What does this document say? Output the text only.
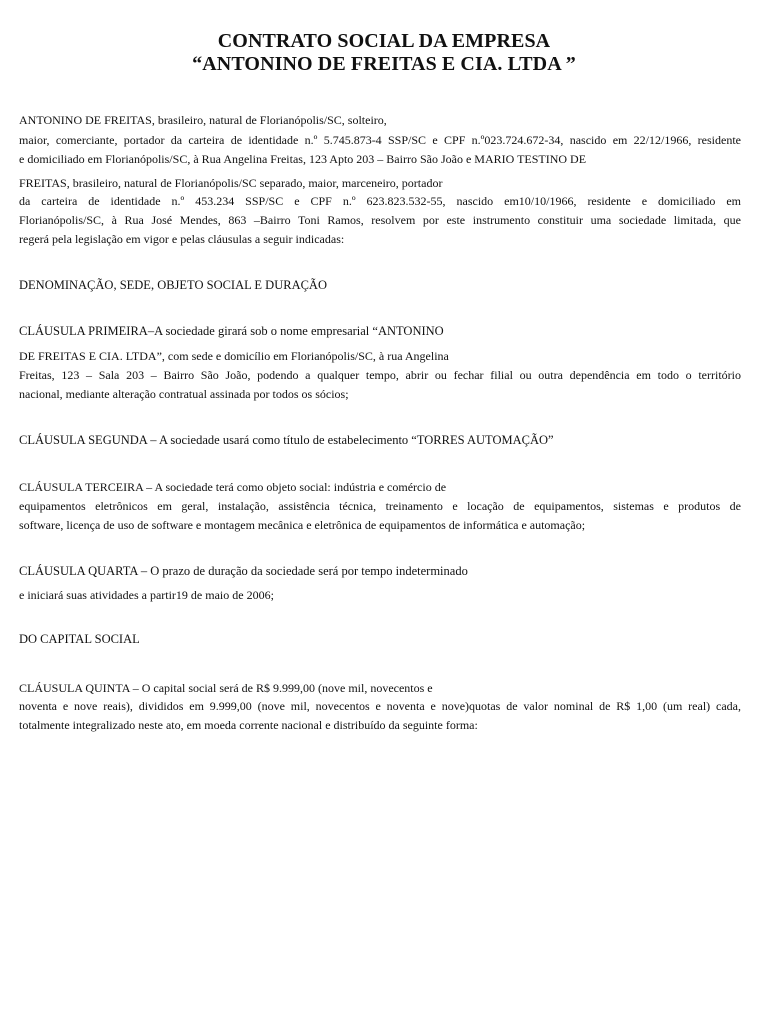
CONTRATO SOCIAL DA EMPRESA
“ANTONINO DE FREITAS E CIA. LTDA ”
ANTONINO DE FREITAS, brasileiro, natural de Florianópolis/SC, solteiro,
maior, comerciante, portador da carteira de identidade n.º 5.745.873-4 SSP/SC e CPF n.º023.724.672-34, nascido em 22/12/1966, residente
e domiciliado em Florianópolis/SC, à Rua Angelina Freitas, 123 Apto 203 – Bairro São João e MARIO TESTINO DE
FREITAS, brasileiro, natural de Florianópolis/SC separado, maior, marceneiro, portador
da carteira de identidade n.º 453.234 SSP/SC e CPF n.º 623.823.532-55, nascido em10/10/1966, residente e domiciliado em
Florianópolis/SC, à Rua José Mendes, 863 –Bairro Toni Ramos, resolvem por este instrumento constituir uma sociedade limitada, que
regerá pela legislação em vigor e pelas cláusulas a seguir indicadas:
DENOMINAÇÃO, SEDE, OBJETO SOCIAL E DURAÇÃO
CLÁUSULA PRIMEIRA–A sociedade girará sob o nome empresarial “ANTONINO
DE FREITAS E CIA. LTDA”, com sede e domicílio em Florianópolis/SC, à rua Angelina
Freitas, 123 – Sala 203 – Bairro São João, podendo a qualquer tempo, abrir ou fechar filial ou outra dependência em todo o território
nacional, mediante alteração contratual assinada por todos os sócios;
CLÁUSULA SEGUNDA – A sociedade usará como título de estabelecimento “TORRES AUTOMAÇÃO”
CLÁUSULA TERCEIRA – A sociedade terá como objeto social: indústria e comércio de
equipamentos eletrônicos em geral, instalação, assistência técnica, treinamento e locação de equipamentos, sistemas e produtos de
software, licença de uso de software e montagem mecânica e eletrônica de equipamentos de informática e automação;
CLÁUSULA QUARTA – O prazo de duração da sociedade será por tempo indeterminado
e iniciará suas atividades a partir19 de maio de 2006;
DO CAPITAL SOCIAL
CLÁUSULA QUINTA – O capital social será de R$ 9.999,00 (nove mil, novecentos e
noventa e nove reais), divididos em 9.999,00 (nove mil, novecentos e noventa e nove)quotas de valor nominal de R$ 1,00 (um real) cada,
totalmente integralizado neste ato, em moeda corrente nacional e distribuído da seguinte forma:
